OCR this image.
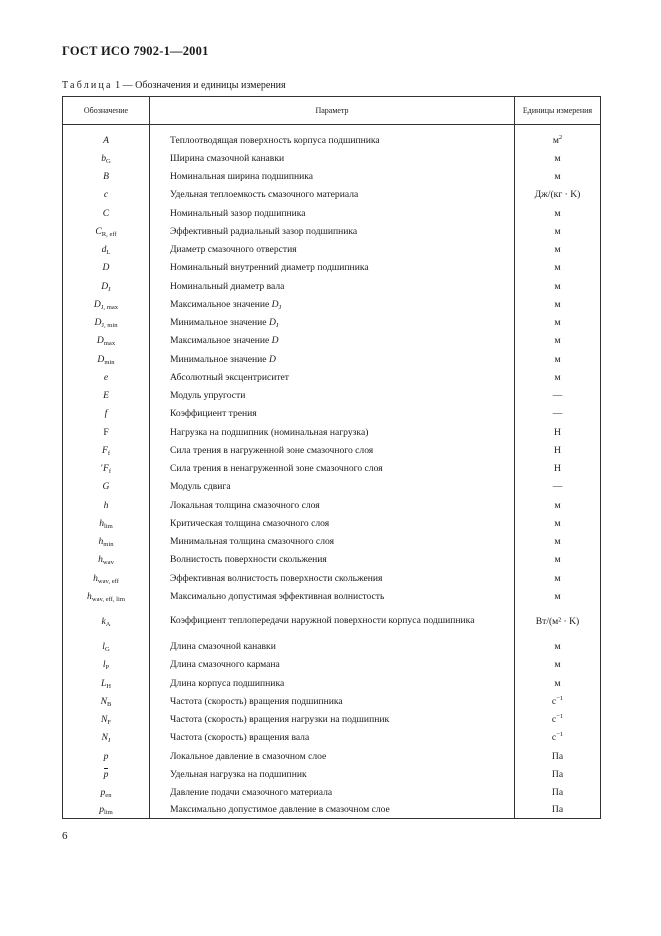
ГОСТ ИСО 7902-1—2001
Таблица 1 — Обозначения и единицы измерения
Обозначение	Параметр	Единицы измерения
A	Теплоотводящая поверхность корпуса подшипника	$м^2$
$b_G$	Ширина смазочной канавки	м
B	Номинальная ширина подшипника	м
c	Удельная теплоемкость смазочного материала	Дж/(кг · K)
C	Номинальный зазор подшипника	м
$C_{R, eff}$	Эффективный радиальный зазор подшипника	м
$d_L$	Диаметр смазочного отверстия	м
D	Номинальный внутренний диаметр подшипника	м
$D_J$	Номинальный диаметр вала	м
$D_{J, max}$	Максимальное значение $D_J$	м
$D_{J, min}$	Минимальное значение $D_J$	м
$D_{max}$	Максимальное значение D	м
$D_{min}$	Минимальное значение D	м
e	Абсолютный эксцентриситет	м
E	Модуль упругости	—
f	Коэффициент трения	—
F	Нагрузка на подшипник (номинальная нагрузка)	Н
$F_f$	Сила трения в нагруженной зоне смазочного слоя	Н
$'F_f$	Сила трения в ненагруженной зоне смазочного слоя	Н
G	Модуль сдвига	—
h	Локальная толщина смазочного слоя	м
$h_{lim}$	Критическая толщина смазочного слоя	м
$h_{min}$	Минимальная толщина смазочного слоя	м
$h_{wav}$	Волнистость поверхности скольжения	м
$h_{wav, eff}$	Эффективная волнистость поверхности скольжения	м
$h_{wav, eff, lim}$	Максимально допустимая эффективная волнистость	м
$k_A$	Коэффициент теплопередачи наружной поверхности корпуса подшипника	Вт/(м² · K)
$l_G$	Длина смазочной канавки	м
$l_P$	Длина смазочного кармана	м
$L_H$	Длина корпуса подшипника	м
$N_B$	Частота (скорость) вращения подшипника	$с^{-1}$
$N_F$	Частота (скорость) вращения нагрузки на подшипник	$с^{-1}$
$N_J$	Частота (скорость) вращения вала	$с^{-1}$
p	Локальное давление в смазочном слое	Па
p	Удельная нагрузка на подшипник	Па
$p_{en}$	Давление подачи смазочного материала	Па
$p_{lim}$	Максимально допустимое давление в смазочном слое	Па
6
